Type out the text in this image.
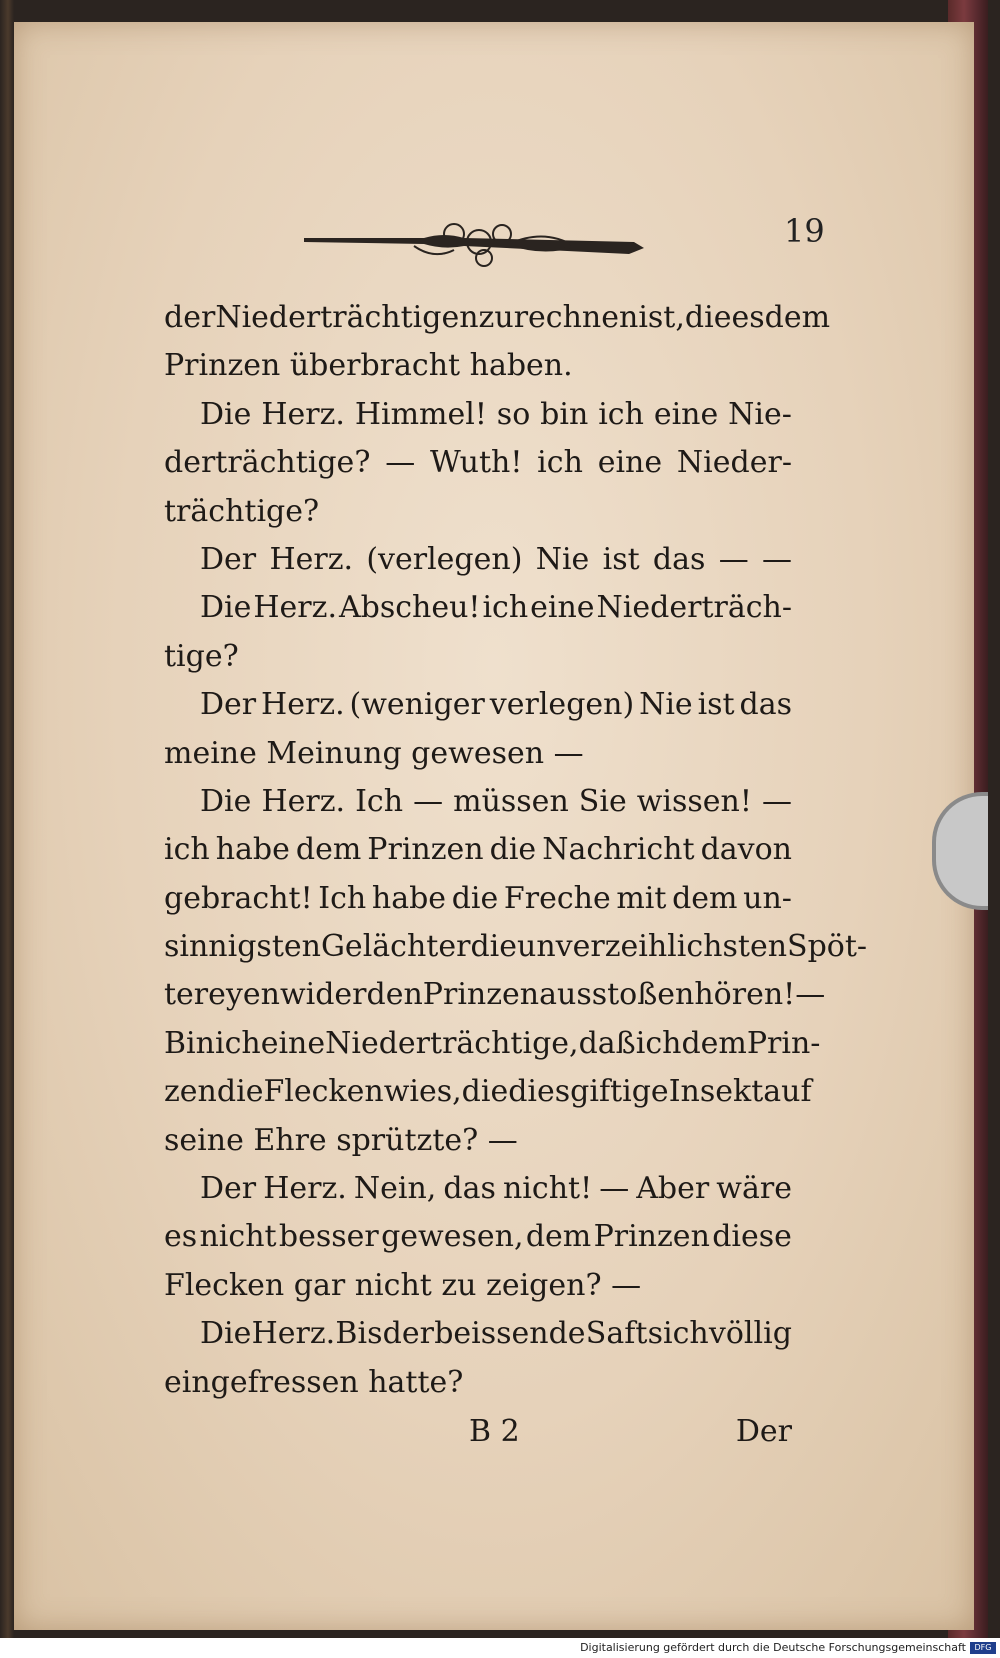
19
der Niederträchtigen zu rechnen ist, die es dem
Prinzen überbracht haben.
Die Herz. Himmel! so bin ich eine Nie-
derträchtige? — Wuth! ich eine Nieder-
trächtige?
Der Herz. (verlegen) Nie ist das — —
Die Herz. Abscheu! ich eine Niederträch-
tige?
Der Herz. (weniger verlegen) Nie ist das
meine Meinung gewesen —
Die Herz. Ich — müssen Sie wissen! —
ich habe dem Prinzen die Nachricht davon
gebracht! Ich habe die Freche mit dem un-
sinnigsten Gelächter die unverzeihlichsten Spöt-
tereyen wider den Prinzen ausstoßen hören! —
Bin ich eine Niederträchtige, daß ich dem Prin-
zen die Flecken wies, die dies giftige Insekt auf
seine Ehre sprützte? —
Der Herz. Nein, das nicht! — Aber wäre
es nicht besser gewesen, dem Prinzen diese
Flecken gar nicht zu zeigen? —
Die Herz. Bis der beissende Saft sich völlig
eingefressen hatte?
B 2	Der
Digitalisierung gefördert durch die Deutsche Forschungsgemeinschaft	DFG
